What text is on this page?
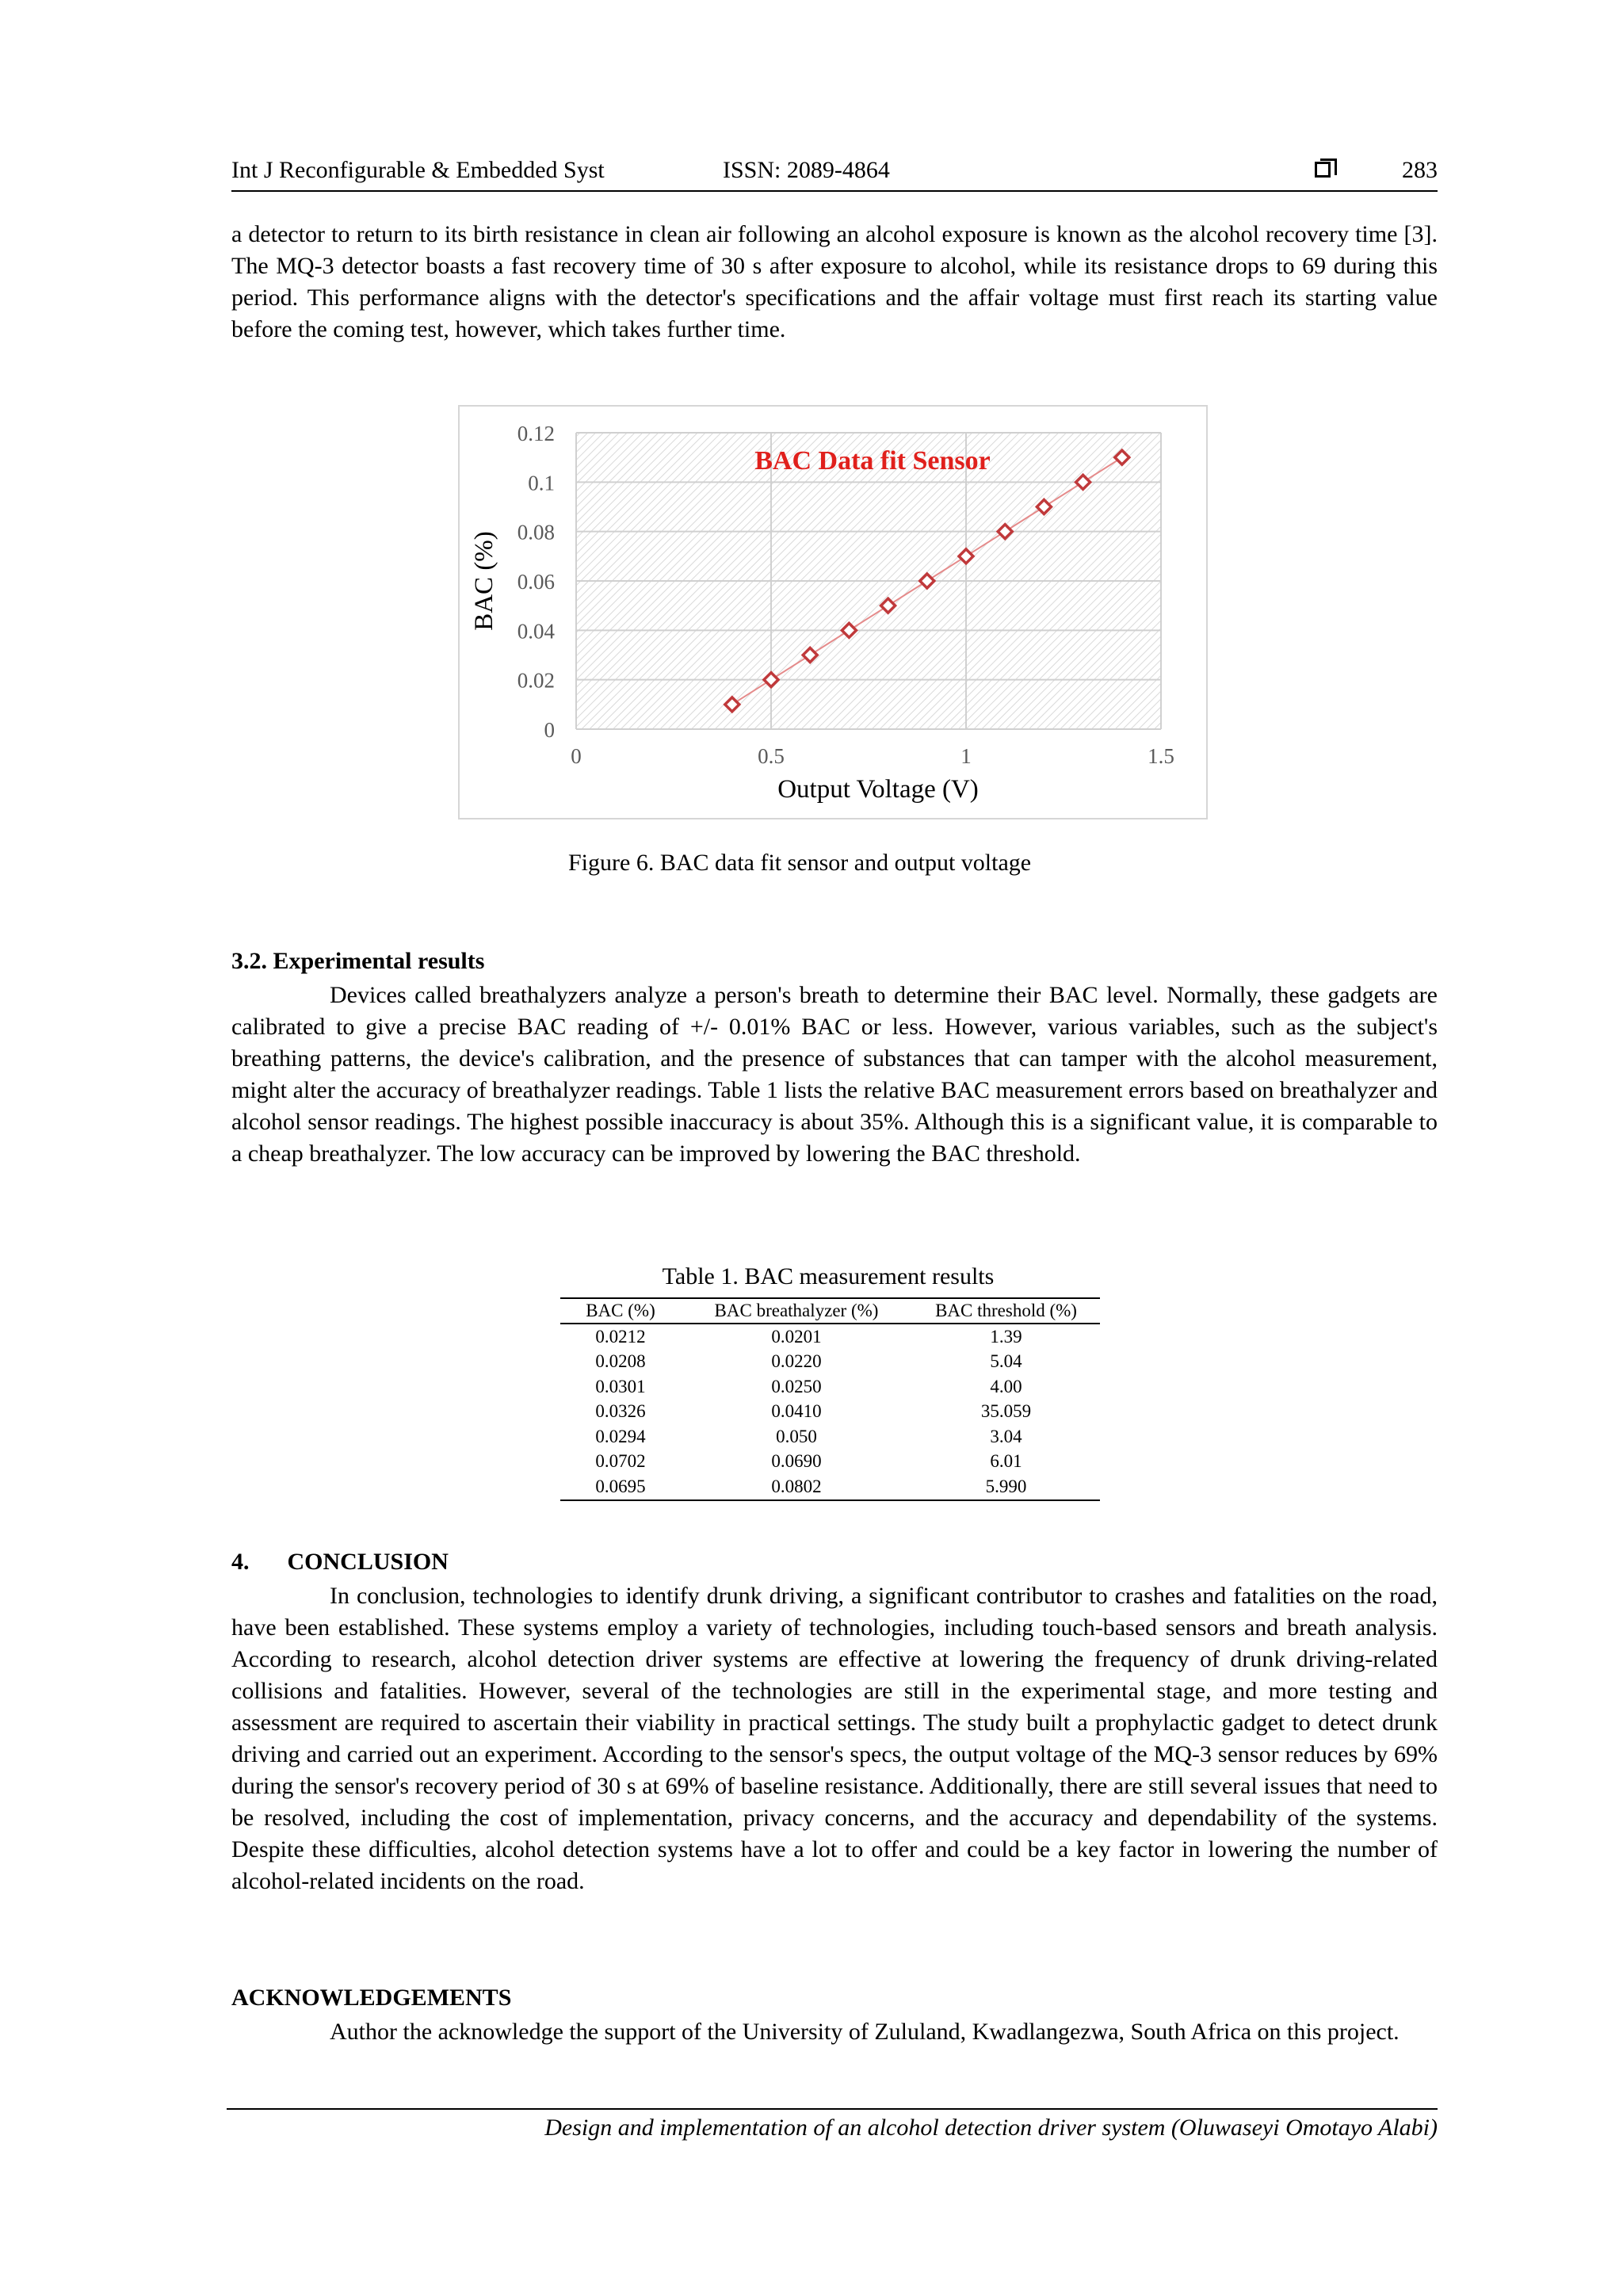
Int J Reconfigurable & Embedded Syst	ISSN: 2089-4864	283

a detector to return to its birth resistance in clean air following an alcohol exposure is known as the alcohol recovery time [3]. The MQ-3 detector boasts a fast recovery time of 30 s after exposure to alcohol, while its resistance drops to 69 during this period. This performance aligns with the detector's specifications and the affair voltage must first reach its starting value before the coming test, however, which takes further time.

0
0.02
0.04
0.06
0.08
0.1
0.12
0	0.5	1	1.5
BAC Data fit Sensor
Output Voltage (V)
BAC (%)
Figure 6. BAC data fit sensor and output voltage
3.2. Experimental results

Devices called breathalyzers analyze a person's breath to determine their BAC level. Normally, these gadgets are calibrated to give a precise BAC reading of +/- 0.01% BAC or less. However, various variables, such as the subject's breathing patterns, the device's calibration, and the presence of substances that can tamper with the alcohol measurement, might alter the accuracy of breathalyzer readings. Table 1 lists the relative BAC measurement errors based on breathalyzer and alcohol sensor readings. The highest possible inaccuracy is about 35%. Although this is a significant value, it is comparable to a cheap breathalyzer. The low accuracy can be improved by lowering the BAC threshold.

Table 1. BAC measurement results
BAC (%)	BAC breathalyzer (%)	BAC threshold (%)
0.0212	0.0201	1.39
0.0208	0.0220	5.04
0.0301	0.0250	4.00
0.0326	0.0410	35.059
0.0294	0.050	3.04
0.0702	0.0690	6.01
0.0695	0.0802	5.990
4. CONCLUSION

In conclusion, technologies to identify drunk driving, a significant contributor to crashes and fatalities on the road, have been established. These systems employ a variety of technologies, including touch-based sensors and breath analysis. According to research, alcohol detection driver systems are effective at lowering the frequency of drunk driving-related collisions and fatalities. However, several of the technologies are still in the experimental stage, and more testing and assessment are required to ascertain their viability in practical settings. The study built a prophylactic gadget to detect drunk driving and carried out an experiment. According to the sensor's specs, the output voltage of the MQ-3 sensor reduces by 69% during the sensor's recovery period of 30 s at 69% of baseline resistance. Additionally, there are still several issues that need to be resolved, including the cost of implementation, privacy concerns, and the accuracy and dependability of the systems. Despite these difficulties, alcohol detection systems have a lot to offer and could be a key factor in lowering the number of alcohol-related incidents on the road.

ACKNOWLEDGEMENTS

Author the acknowledge the support of the University of Zululand, Kwadlangezwa, South Africa on this project.

Design and implementation of an alcohol detection driver system (Oluwaseyi Omotayo Alabi)
